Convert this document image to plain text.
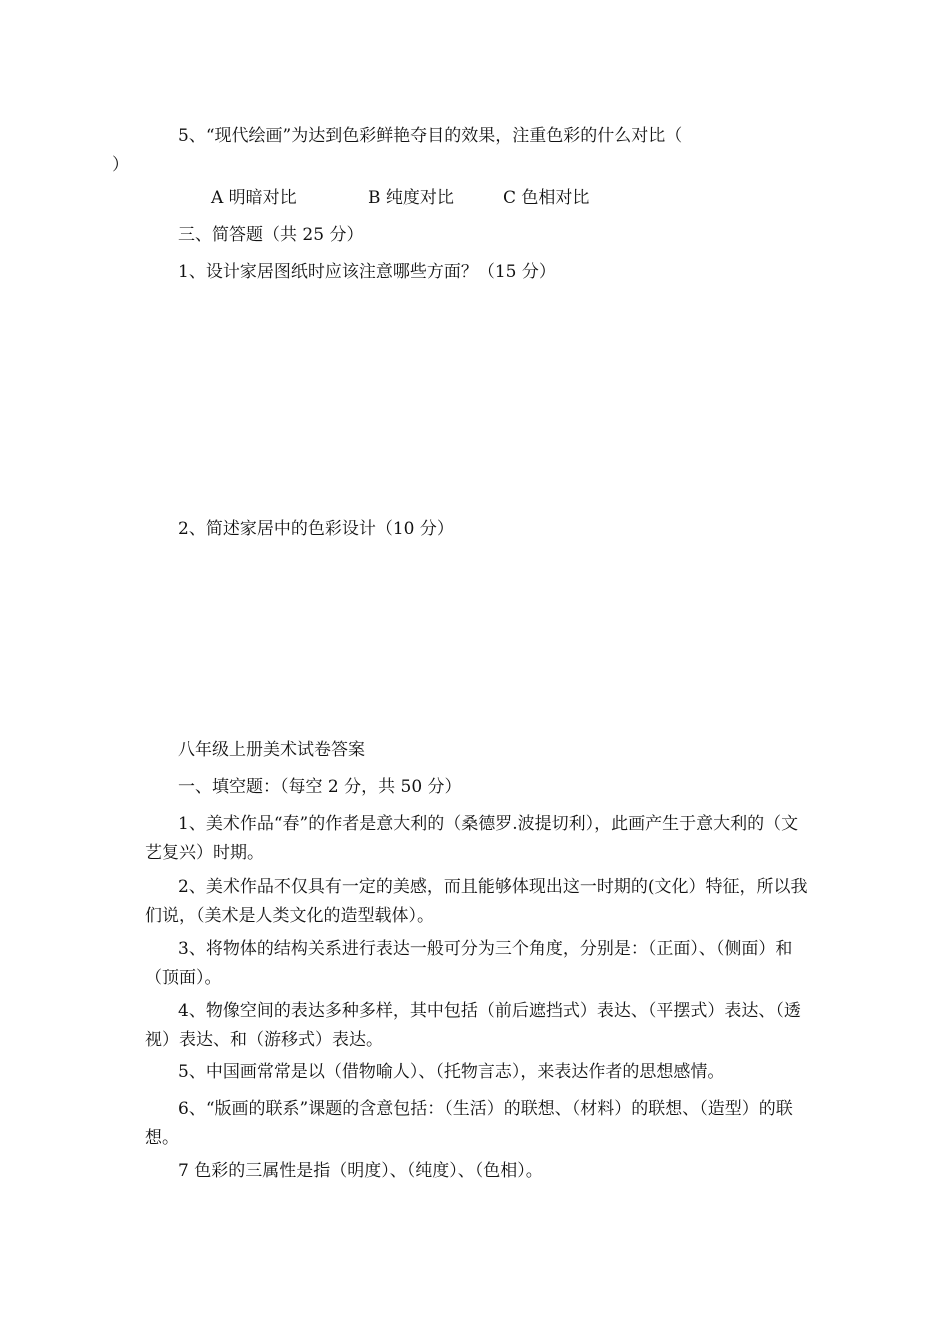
5、“现代绘画”为达到色彩鲜艳夺目的效果，注重色彩的什么对比（
）

A 明暗对比	B 纯度对比	C 色相对比

三、简答题（共 25 分）

1、设计家居图纸时应该注意哪些方面？（15 分）

2、简述家居中的色彩设计（10 分）

八年级上册美术试卷答案

一、填空题：（每空 2 分，共 50 分）

1、美术作品“春”的作者是意大利的（桑德罗.波提切利），此画产生于意大利的（文艺复兴）时期。

2、美术作品不仅具有一定的美感，而且能够体现出这一时期的(文化）特征，所以我们说，（美术是人类文化的造型载体）。

3、将物体的结构关系进行表达一般可分为三个角度，分别是：（正面）、（侧面）和（顶面）。

4、物像空间的表达多种多样，其中包括（前后遮挡式）表达、（平摆式）表达、（透视）表达、和（游移式）表达。

5、中国画常常是以（借物喻人）、（托物言志），来表达作者的思想感情。

6、“版画的联系”课题的含意包括：（生活）的联想、（材料）的联想、（造型）的联想。

7 色彩的三属性是指（明度）、（纯度）、（色相）。
